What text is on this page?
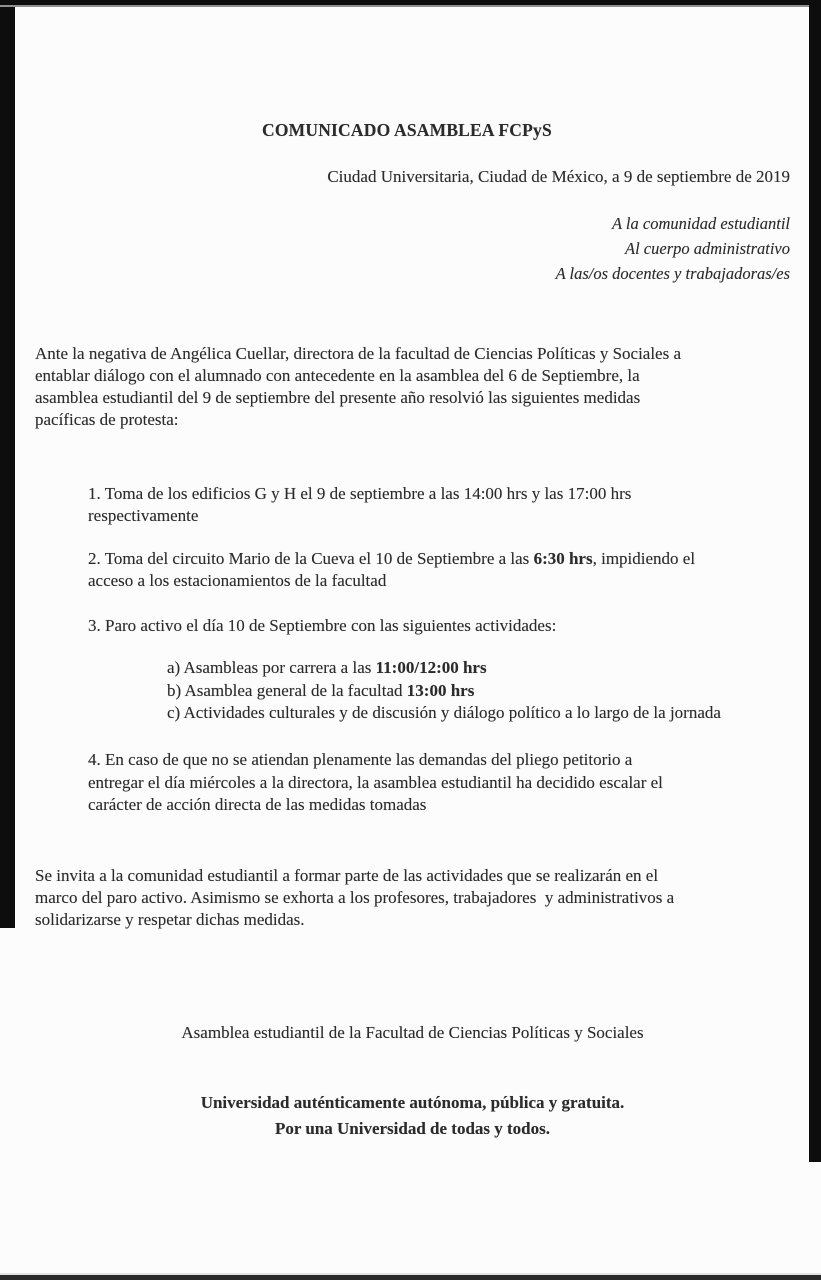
COMUNICADO ASAMBLEA FCPyS
Ciudad Universitaria, Ciudad de México, a 9 de septiembre de 2019
A la comunidad estudiantil
Al cuerpo administrativo
A las/os docentes y trabajadoras/es
Ante la negativa de Angélica Cuellar, directora de la facultad de Ciencias Políticas y Sociales a
entablar diálogo con el alumnado con antecedente en la asamblea del 6 de Septiembre, la
asamblea estudiantil del 9 de septiembre del presente año resolvió las siguientes medidas
pacíficas de protesta:
1. Toma de los edificios G y H el 9 de septiembre a las 14:00 hrs y las 17:00 hrs
respectivamente
2. Toma del circuito Mario de la Cueva el 10 de Septiembre a las 6:30 hrs, impidiendo el
acceso a los estacionamientos de la facultad
3. Paro activo el día 10 de Septiembre con las siguientes actividades:
a) Asambleas por carrera a las 11:00/12:00 hrs
b) Asamblea general de la facultad 13:00 hrs
c) Actividades culturales y de discusión y diálogo político a lo largo de la jornada
4. En caso de que no se atiendan plenamente las demandas del pliego petitorio a
entregar el día miércoles a la directora, la asamblea estudiantil ha decidido escalar el
carácter de acción directa de las medidas tomadas
Se invita a la comunidad estudiantil a formar parte de las actividades que se realizarán en el
marco del paro activo. Asimismo se exhorta a los profesores, trabajadores  y administrativos a
solidarizarse y respetar dichas medidas.
Asamblea estudiantil de la Facultad de Ciencias Políticas y Sociales
Universidad auténticamente autónoma, pública y gratuita.
Por una Universidad de todas y todos.
